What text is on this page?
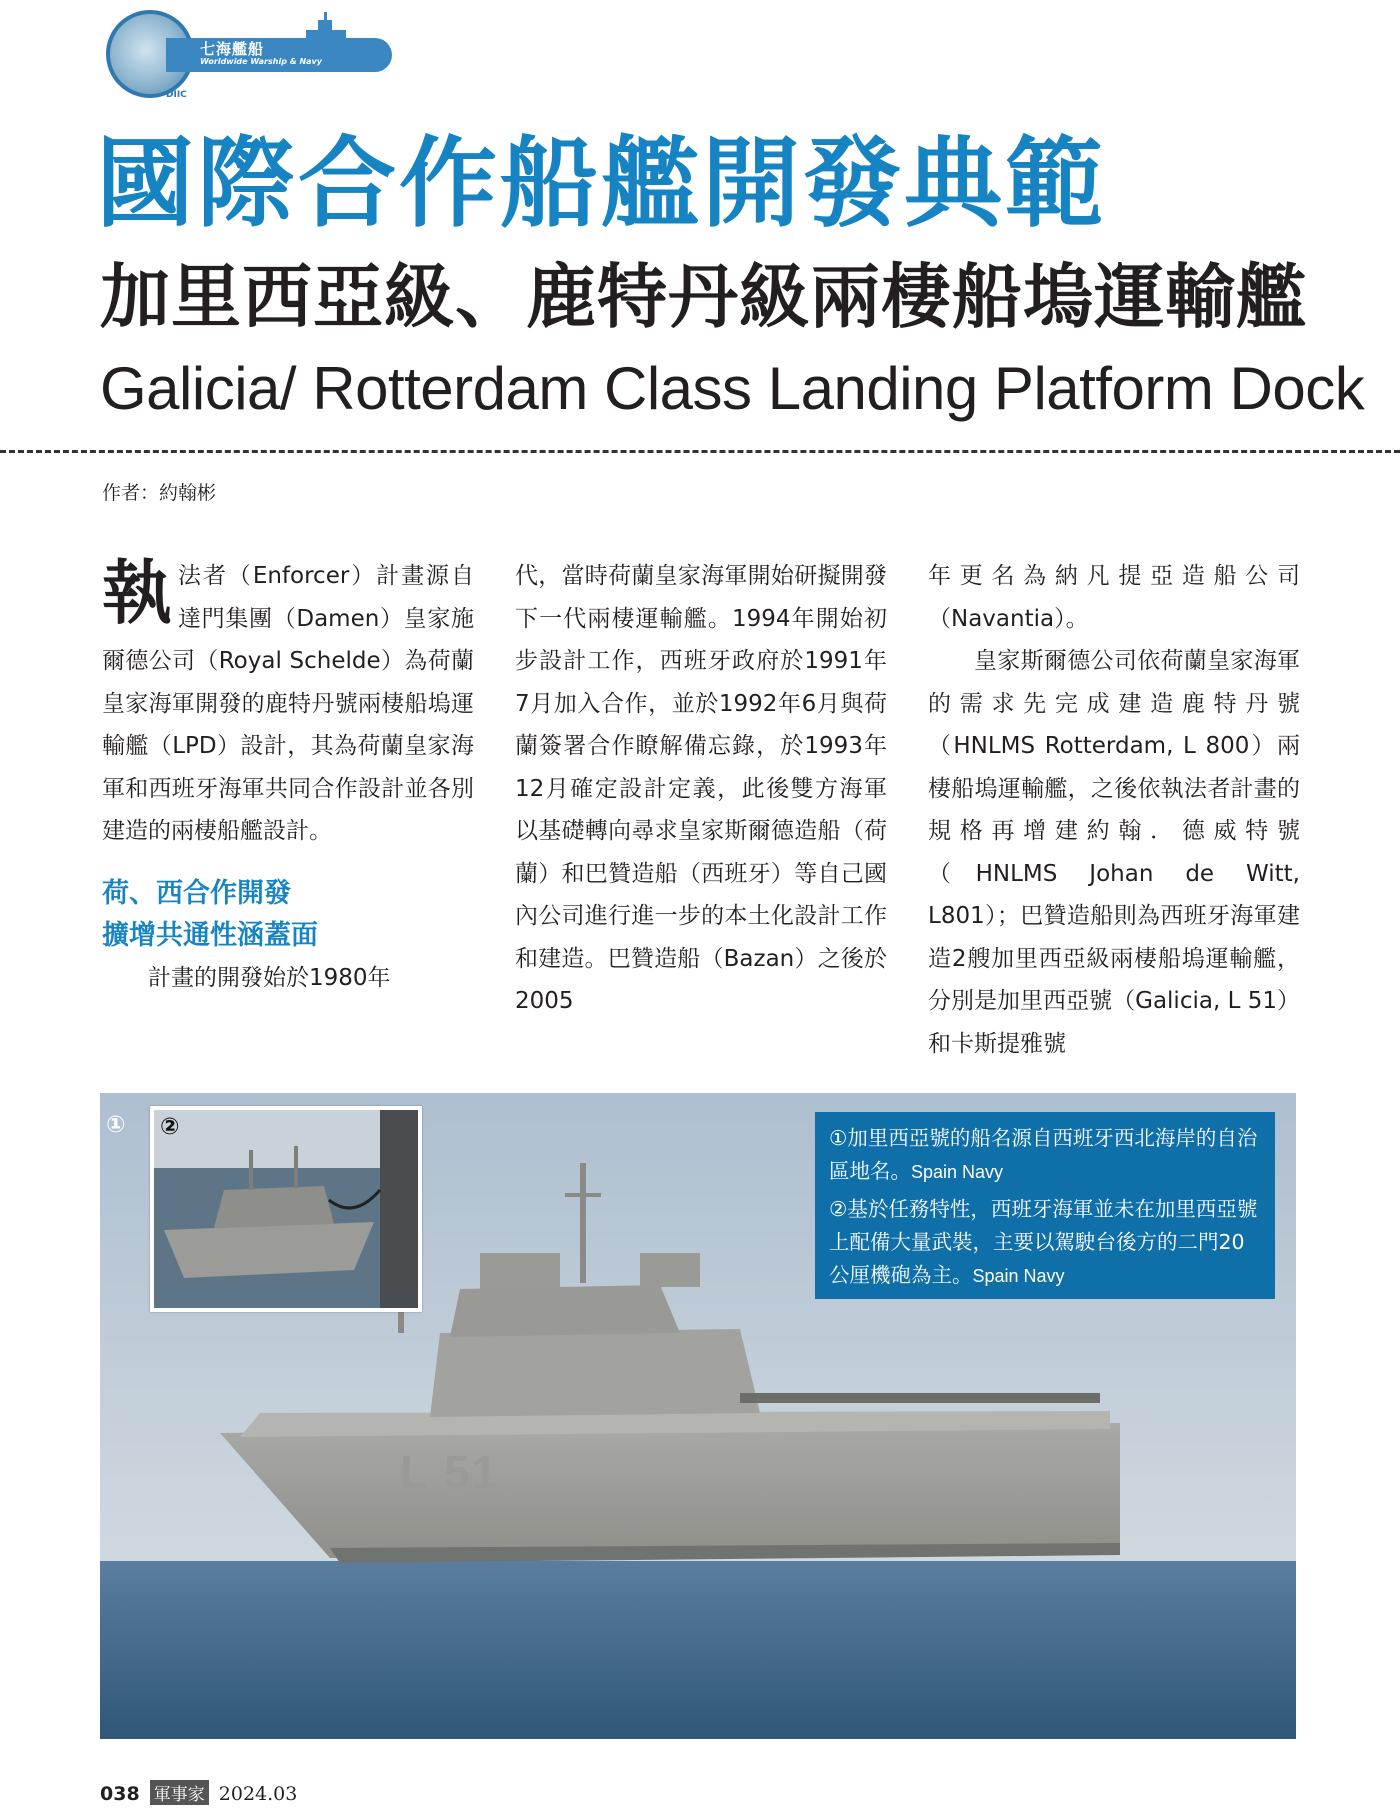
七海艦船
Worldwide Warship & Navy
DIIC
國際合作船艦開發典範
加里西亞級、鹿特丹級兩棲船塢運輸艦
Galicia/ Rotterdam Class Landing Platform Dock
作者：約翰彬

執法者（Enforcer）計畫源自達門集團（Damen）皇家施爾德公司（Royal Schelde）為荷蘭皇家海軍開發的鹿特丹號兩棲船塢運輸艦（LPD）設計，其為荷蘭皇家海軍和西班牙海軍共同合作設計並各別建造的兩棲船艦設計。

荷、西合作開發
擴增共通性涵蓋面

計畫的開發始於1980年

代，當時荷蘭皇家海軍開始研擬開發下一代兩棲運輸艦。1994年開始初步設計工作，西班牙政府於1991年7月加入合作，並於1992年6月與荷蘭簽署合作瞭解備忘錄，於1993年12月確定設計定義，此後雙方海軍以基礎轉向尋求皇家斯爾德造船（荷蘭）和巴贊造船（西班牙）等自己國內公司進行進一步的本土化設計工作和建造。巴贊造船（Bazan）之後於2005

年更名為納凡提亞造船公司（Navantia）。

皇家斯爾德公司依荷蘭皇家海軍的需求先完成建造鹿特丹號（HNLMS Rotterdam, L 800）兩棲船塢運輸艦，之後依執法者計畫的規格再增建約翰．德威特號（HNLMS Johan de Witt, L801）；巴贊造船則為西班牙海軍建造2艘加里西亞級兩棲船塢運輸艦，分別是加里西亞號（Galicia, L 51）和卡斯提雅號

L 51
① ②	①加里西亞號的船名源自西班牙西北海岸的自治區地名。Spain Navy

②基於任務特性，西班牙海軍並未在加里西亞號上配備大量武裝，主要以駕駛台後方的二門20公厘機砲為主。Spain Navy

038 軍事家 2024.03
